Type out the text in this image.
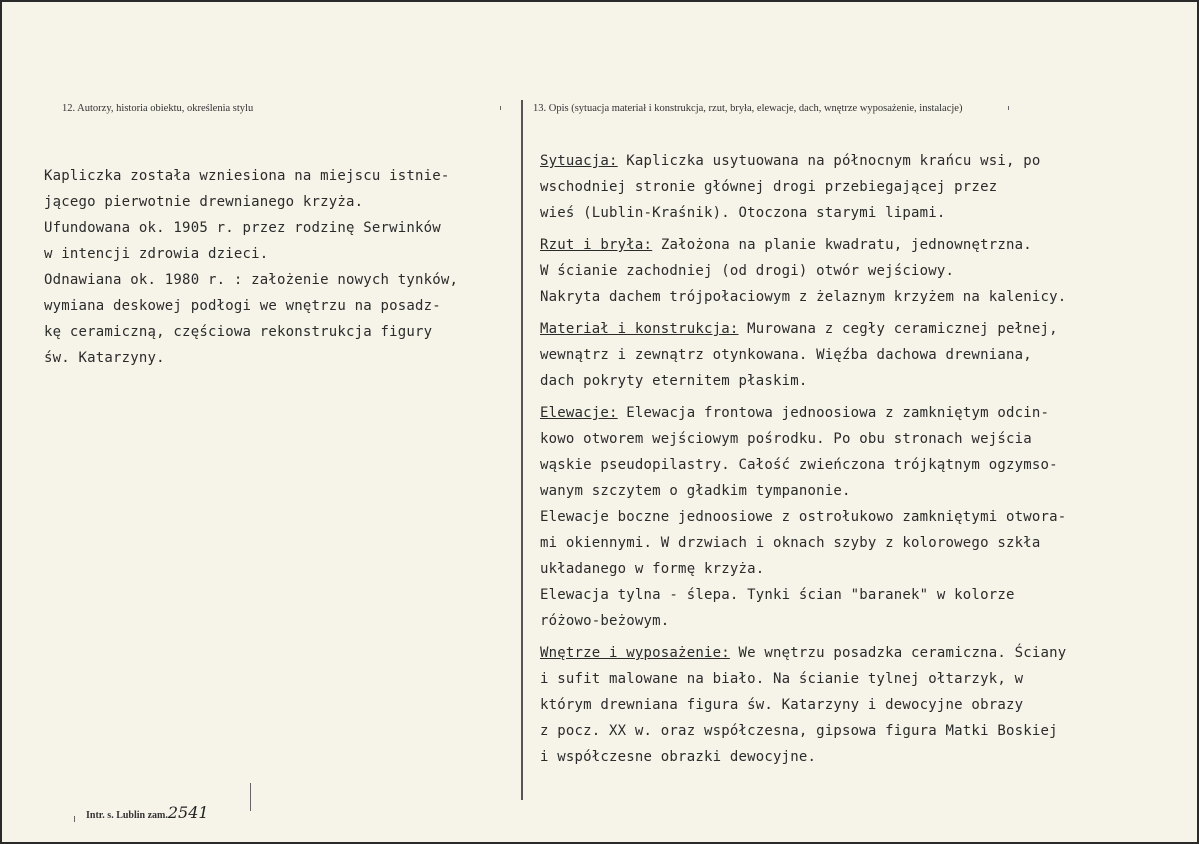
12. Autorzy, historia obiektu, określenia stylu	13. Opis (sytuacja materiał i konstrukcja, rzut, bryła, elewacje, dach, wnętrze wyposażenie, instalacje)
Kapliczka została wzniesiona na miejscu istnie-
jącego pierwotnie drewnianego krzyża.
Ufundowana ok. 1905 r. przez rodzinę Serwinków
w intencji zdrowia dzieci.
Odnawiana ok. 1980 r. : założenie nowych tynków,
wymiana deskowej podłogi we wnętrzu na posadz-
kę ceramiczną, częściowa rekonstrukcja figury
św. Katarzyny.
Sytuacja: Kapliczka usytuowana na północnym krańcu wsi, po
wschodniej stronie głównej drogi przebiegającej przez
wieś (Lublin-Kraśnik). Otoczona starymi lipami.
Rzut i bryła: Założona na planie kwadratu, jednownętrzna.
W ścianie zachodniej (od drogi) otwór wejściowy.
Nakryta dachem trójpołaciowym z żelaznym krzyżem na kalenicy.
Materiał i konstrukcja: Murowana z cegły ceramicznej pełnej,
wewnątrz i zewnątrz otynkowana. Więźba dachowa drewniana,
dach pokryty eternitem płaskim.
Elewacje: Elewacja frontowa jednoosiowa z zamkniętym odcin-
kowo otworem wejściowym pośrodku. Po obu stronach wejścia
wąskie pseudopilastry. Całość zwieńczona trójkątnym ogzymso-
wanym szczytem o gładkim tympanonie.
Elewacje boczne jednoosiowe z ostrołukowo zamkniętymi otwora-
mi okiennymi. W drzwiach i oknach szyby z kolorowego szkła
układanego w formę krzyża.
Elewacja tylna - ślepa. Tynki ścian "baranek" w kolorze
różowo-beżowym.
Wnętrze i wyposażenie: We wnętrzu posadzka ceramiczna. Ściany
i sufit malowane na biało. Na ścianie tylnej ołtarzyk, w
którym drewniana figura św. Katarzyny i dewocyjne obrazy
z pocz. XX w. oraz współczesna, gipsowa figura Matki Boskiej
i współczesne obrazki dewocyjne.
Intr. s. Lublin zam.2541
